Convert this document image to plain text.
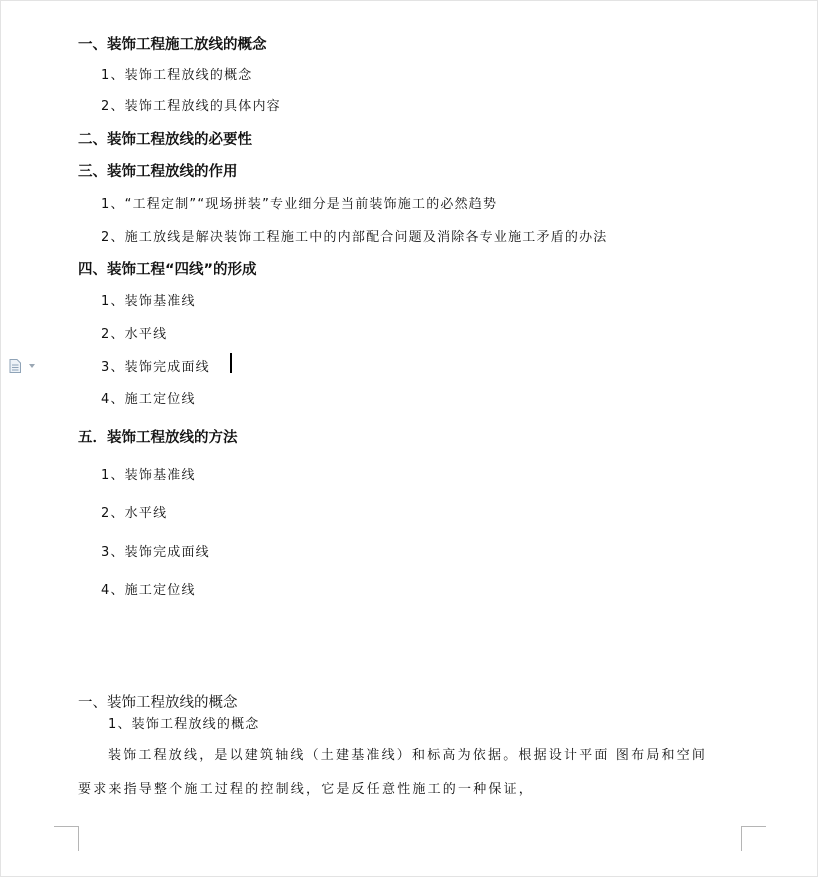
一、装饰工程施工放线的概念
1、装饰工程放线的概念
2、装饰工程放线的具体内容
二、装饰工程放线的必要性
三、装饰工程放线的作用
1、“工程定制”“现场拼装”专业细分是当前装饰施工的必然趋势
2、施工放线是解决装饰工程施工中的内部配合问题及消除各专业施工矛盾的办法
四、装饰工程“四线”的形成
1、装饰基准线
2、水平线
3、装饰完成面线
4、施工定位线
五．装饰工程放线的方法
1、装饰基准线
2、水平线
3、装饰完成面线
4、施工定位线
一、装饰工程放线的概念
1、装饰工程放线的概念
装饰工程放线，是以建筑轴线（土建基准线）和标高为依据。根据设计平面 图布局和空间
要求来指导整个施工过程的控制线，它是反任意性施工的一种保证，
